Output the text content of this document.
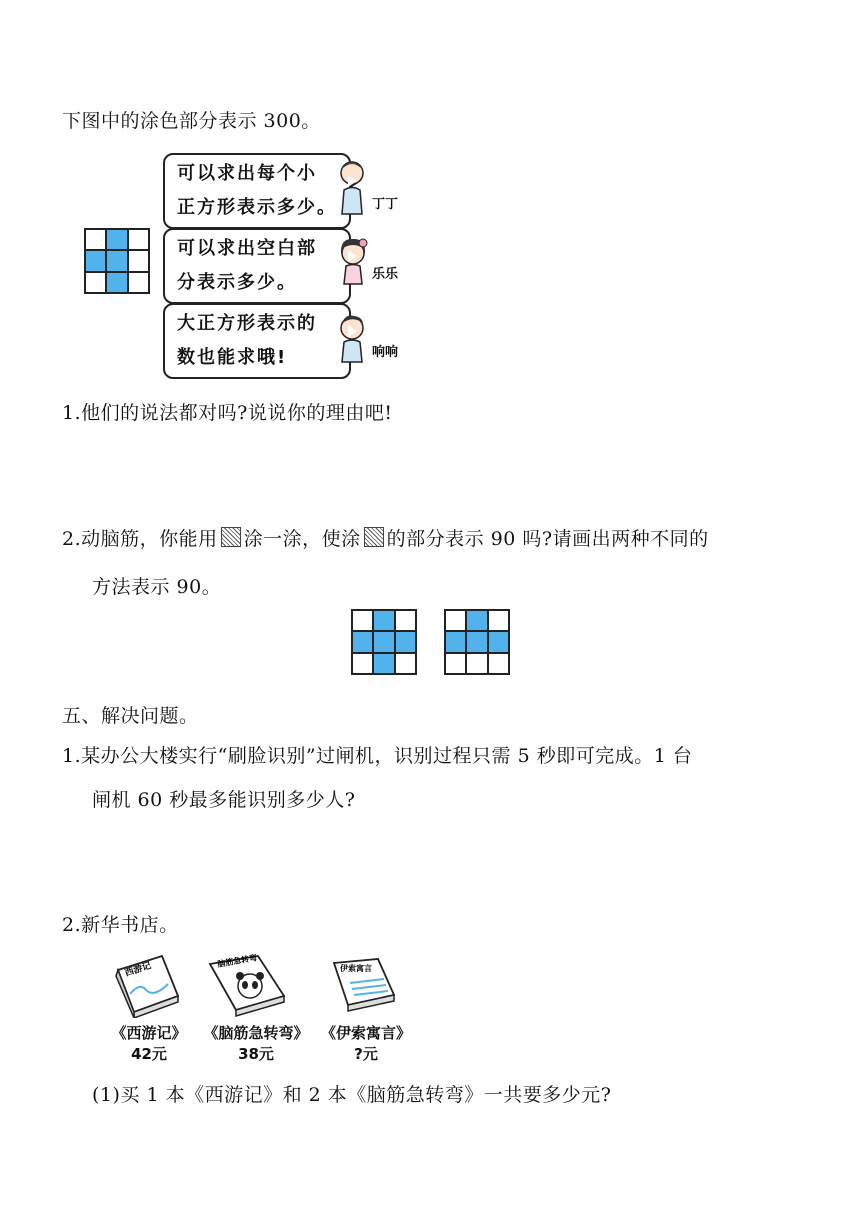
下图中的涂色部分表示 300。
可以求出每个小
正方形表示多少。	丁丁
可以求出空白部
分表示多少。	乐乐
大正方形表示的
数也能求哦!	响响
1.他们的说法都对吗?说说你的理由吧!
2.动脑筋，你能用 涂一涂，使涂 的部分表示 90 吗?请画出两种不同的
方法表示 90。
五、解决问题。
1.某办公大楼实行“刷脸识别”过闸机，识别过程只需 5 秒即可完成。1 台
闸机 60 秒最多能识别多少人?
2.新华书店。
西游记	脑筋急转弯	伊索寓言
《西游记》	《脑筋急转弯》 《伊索寓言》
42元	38元	?元
(1)买 1 本《西游记》和 2 本《脑筋急转弯》一共要多少元?
